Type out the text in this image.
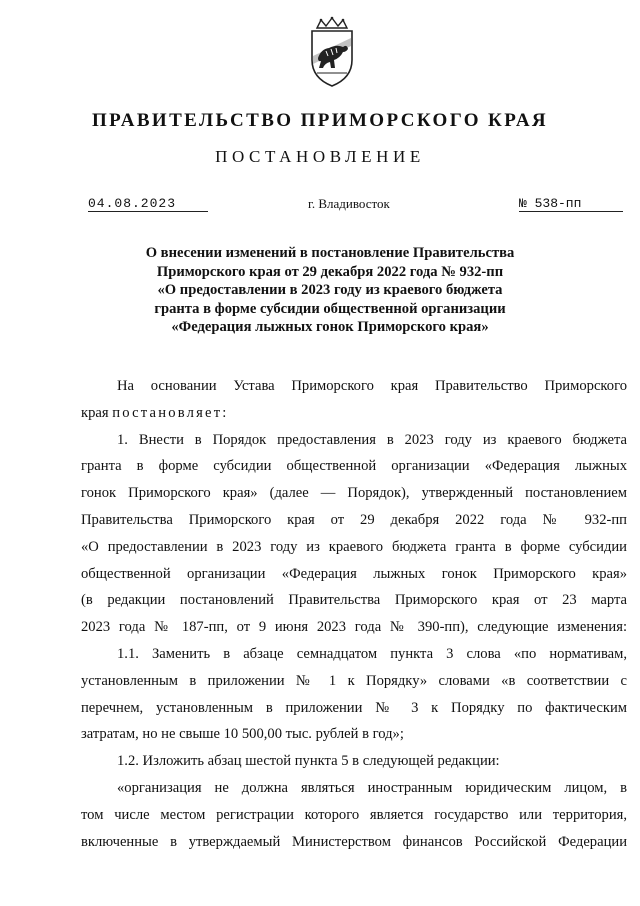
ПРАВИТЕЛЬСТВО ПРИМОРСКОГО КРАЯ
ПОСТАНОВЛЕНИЕ
04.08.2023	г. Владивосток	№ 538-пп
О внесении изменений в постановление Правительства
Приморского края от 29 декабря 2022 года № 932-пп
«О предоставлении в 2023 году из краевого бюджета
гранта в форме субсидии общественной организации
«Федерация лыжных гонок Приморского края»
На основании Устава Приморского края Правительство Приморского
края постановляет:
1. Внести в Порядок предоставления в 2023 году из краевого бюджета
гранта в форме субсидии общественной организации «Федерация лыжных
гонок Приморского края» (далее — Порядок), утвержденный постановлением
Правительства Приморского края от 29 декабря 2022 года № 932-пп
«О предоставлении в 2023 году из краевого бюджета гранта в форме субсидии
общественной организации «Федерация лыжных гонок Приморского края»
(в редакции постановлений Правительства Приморского края от 23 марта
2023 года № 187-пп, от 9 июня 2023 года № 390-пп), следующие изменения:
1.1. Заменить в абзаце семнадцатом пункта 3 слова «по нормативам,
установленным в приложении № 1 к Порядку» словами «в соответствии с
перечнем, установленным в приложении № 3 к Порядку по фактическим
затратам, но не свыше 10 500,00 тыс. рублей в год»;
1.2. Изложить абзац шестой пункта 5 в следующей редакции:
«организация не должна являться иностранным юридическим лицом, в
том числе местом регистрации которого является государство или территория,
включенные в утверждаемый Министерством финансов Российской Федерации
